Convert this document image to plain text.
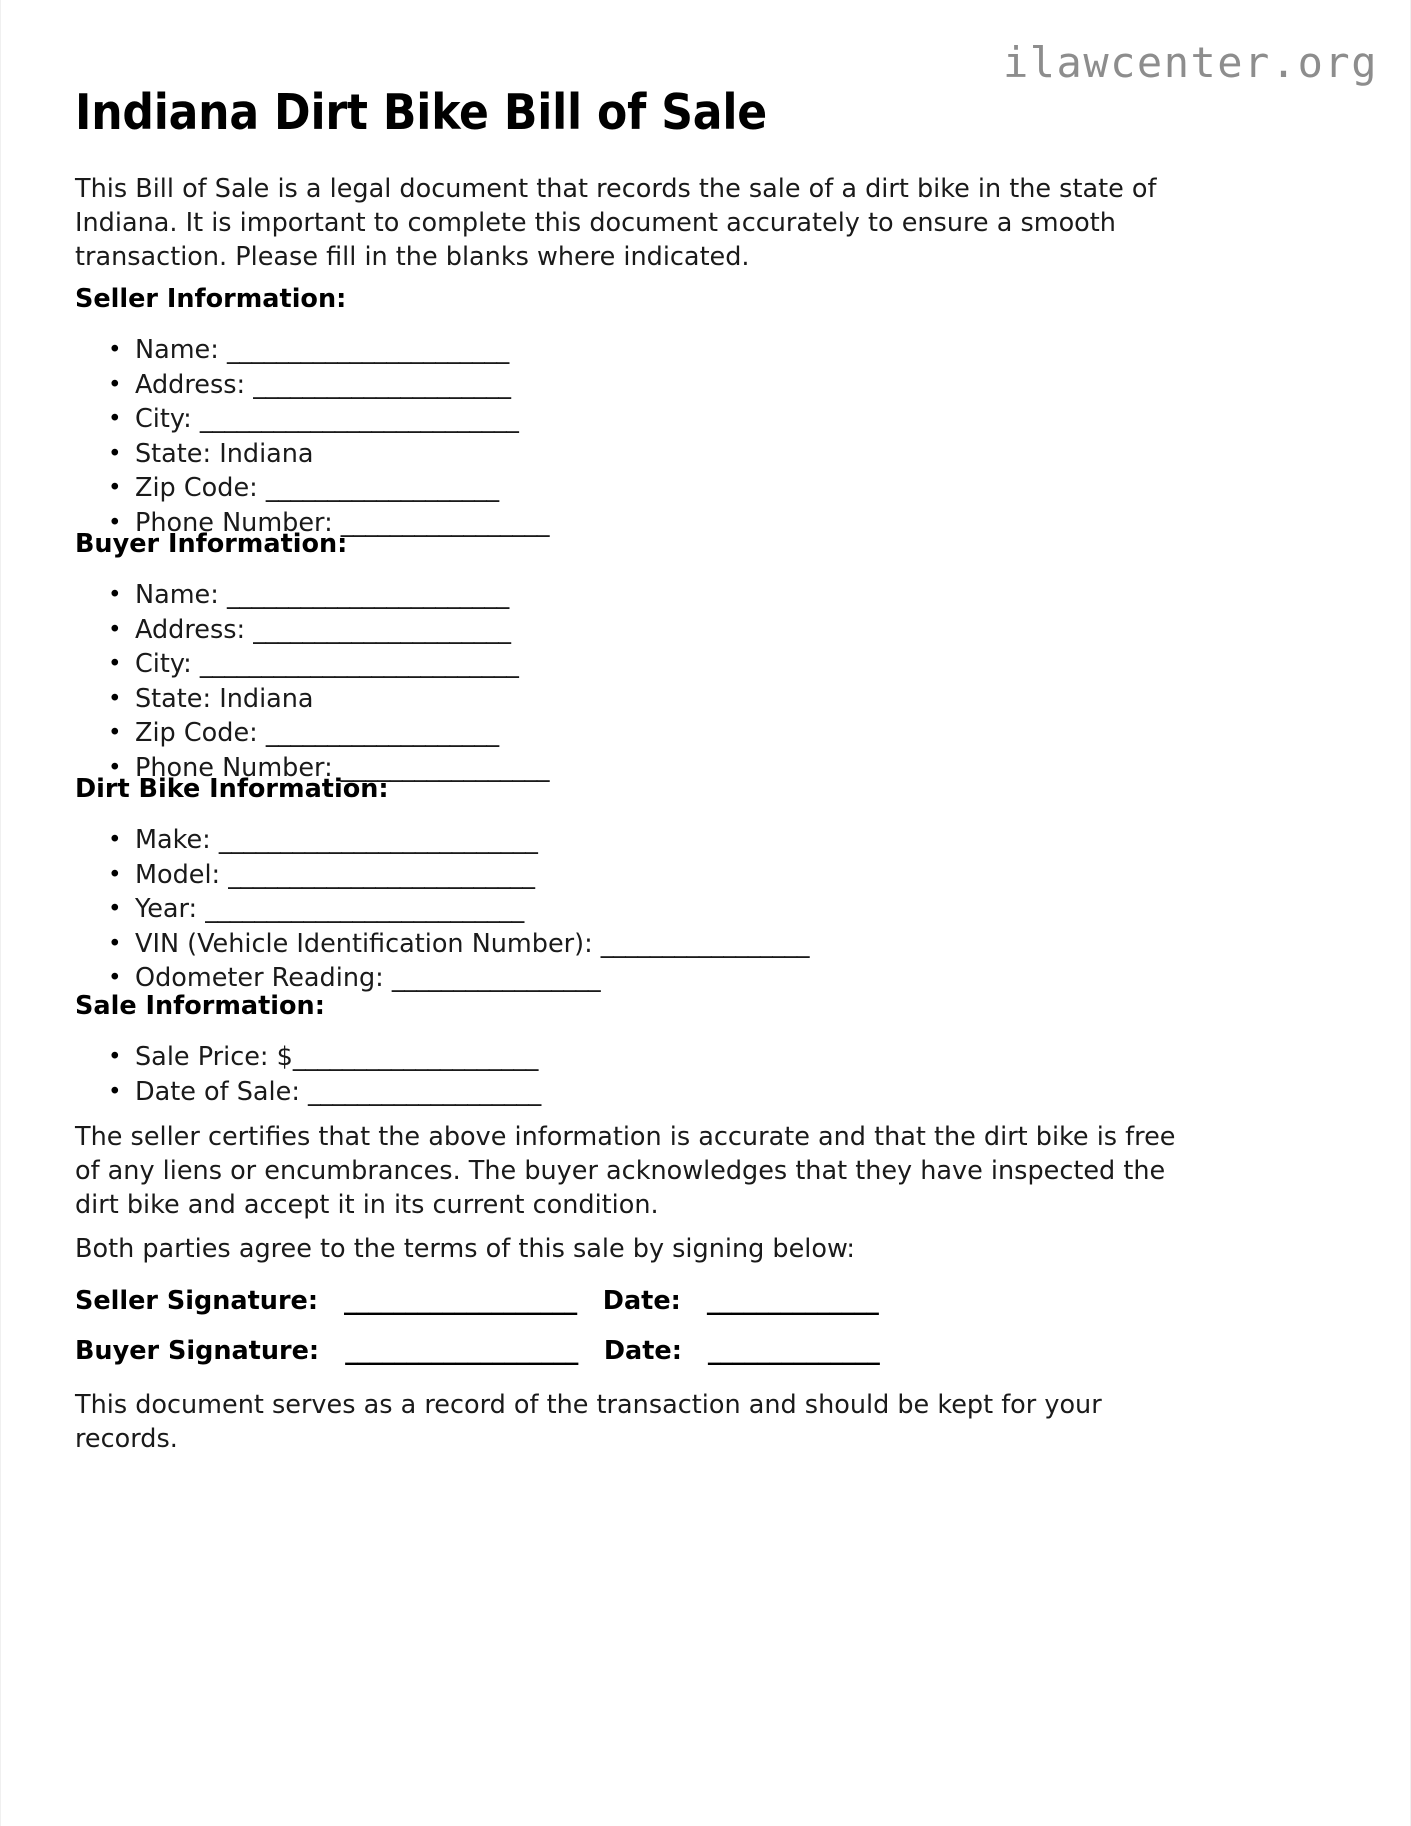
ilawcenter.org
Indiana Dirt Bike Bill of Sale

This Bill of Sale is a legal document that records the sale of a dirt bike in the state of Indiana. It is important to complete this document accurately to ensure a smooth transaction. Please fill in the blanks where indicated.

Seller Information:
• Name: _______________________
• Address: _____________________
• City: __________________________
• State: Indiana
• Zip Code: ___________________
• Phone Number: _________________
Buyer Information:
• Name: _______________________
• Address: _____________________
• City: __________________________
• State: Indiana
• Zip Code: ___________________
• Phone Number: _________________
Dirt Bike Information:
• Make: __________________________
• Model: _________________________
• Year: __________________________
• VIN (Vehicle Identification Number): _________________
• Odometer Reading: _________________
Sale Information:
• Sale Price: $____________________
• Date of Sale: ___________________

The seller certifies that the above information is accurate and that the dirt bike is free of any liens or encumbrances. The buyer acknowledges that they have inspected the dirt bike and accept it in its current condition.

Both parties agree to the terms of this sale by signing below:

Seller Signature: ___________________ Date: ______________
Buyer Signature: ___________________ Date: ______________

This document serves as a record of the transaction and should be kept for your records.
